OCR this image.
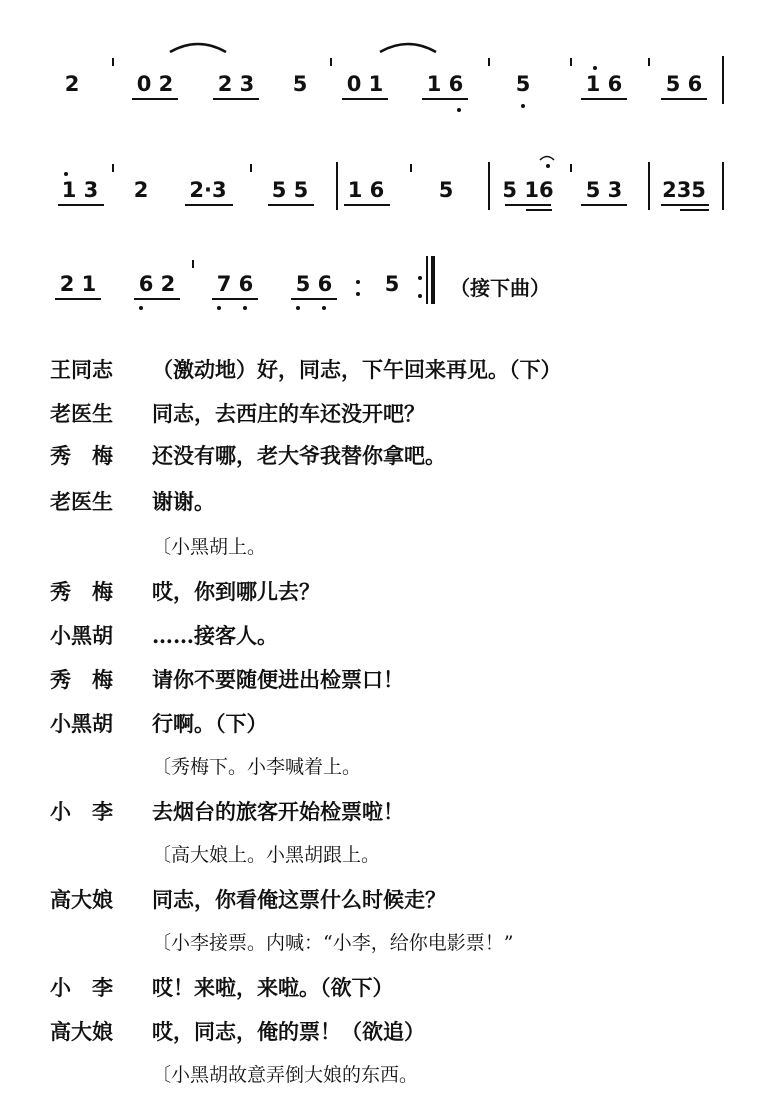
2	0 2 2 3 5 0 1 1 6 5	1 6 5 6
1 3 2 2·3 5 5 1 6	5 5 16 5 3 235
2 1 6 2 7 6 5 6 5	（接下曲）
王同志	（激动地）好，同志，下午回来再见。（下）
老医生	同志，去西庄的车还没开吧？
秀　梅	还没有哪，老大爷我替你拿吧。
老医生	谢谢。
〔小黑胡上。
秀　梅	哎，你到哪儿去？
小黑胡	……接客人。
秀　梅	请你不要随便进出检票口！
小黑胡	行啊。（下）
〔秀梅下。小李喊着上。
小　李	去烟台的旅客开始检票啦！
〔高大娘上。小黑胡跟上。
高大娘	同志，你看俺这票什么时候走？
〔小李接票。内喊：“小李，给你电影票！”
小　李	哎！来啦，来啦。（欲下）
高大娘	哎，同志，俺的票！（欲追）
〔小黑胡故意弄倒大娘的东西。
